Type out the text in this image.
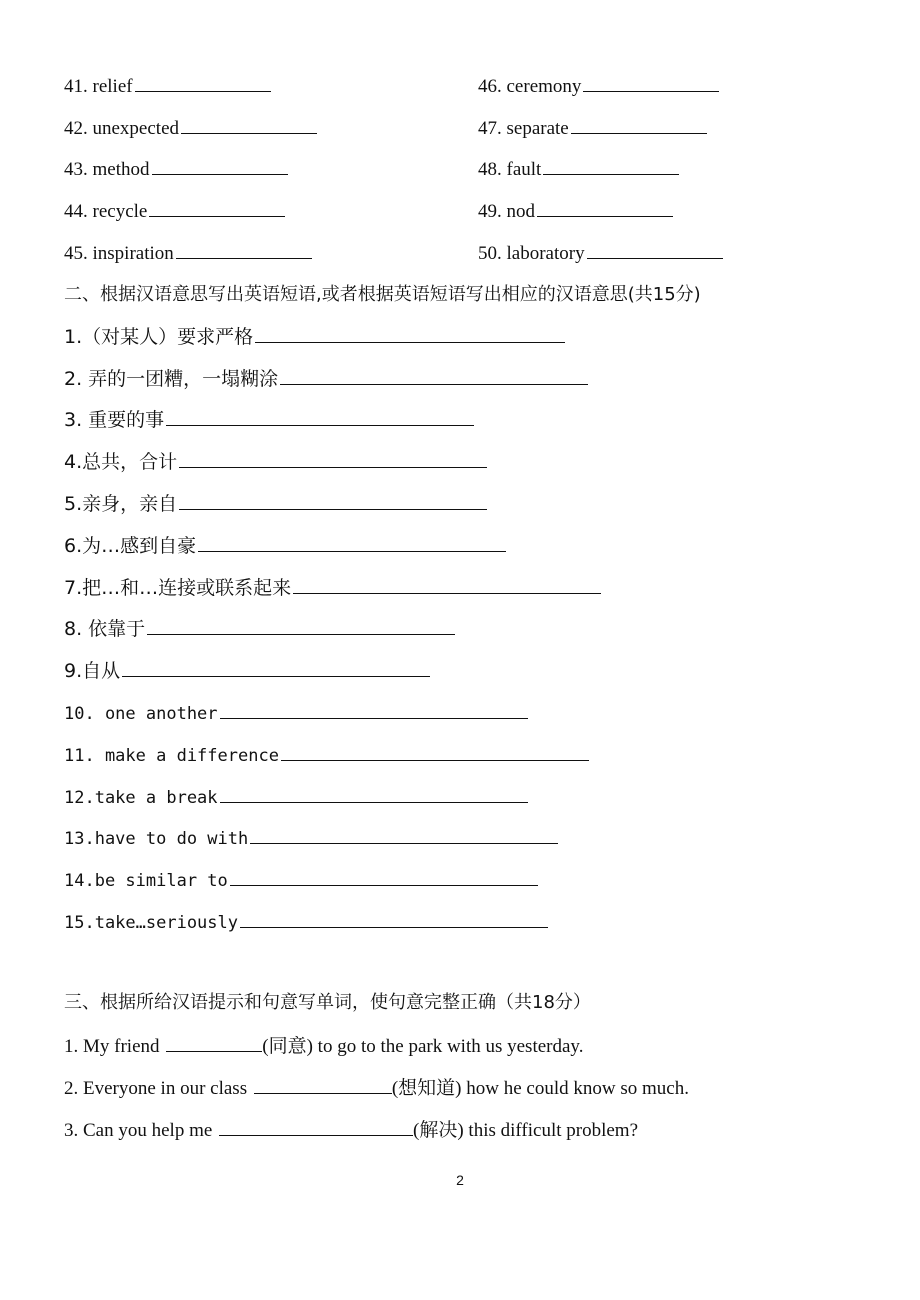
41. relief
42. unexpected
43. method
44. recycle
45. inspiration
46. ceremony
47. separate
48. fault
49. nod
50. laboratory
二、根据汉语意思写出英语短语,或者根据英语短语写出相应的汉语意思(共15分)
1.（对某人）要求严格
2. 弄的一团糟，一塌糊涂
3. 重要的事
4.总共，合计
5.亲身，亲自
6.为…感到自豪
7.把…和…连接或联系起来
8. 依靠于
9.自从
10. one another
11. make a difference
12.take a break
13.have to do with
14.be similar to
15.take…seriously
三、根据所给汉语提示和句意写单词，使句意完整正确（共18分）
1. My friend	(同意) to go to the park with us yesterday.
2. Everyone in our class	(想知道) how he could know so much.
3. Can you help me	(解决) this difficult problem?
2
